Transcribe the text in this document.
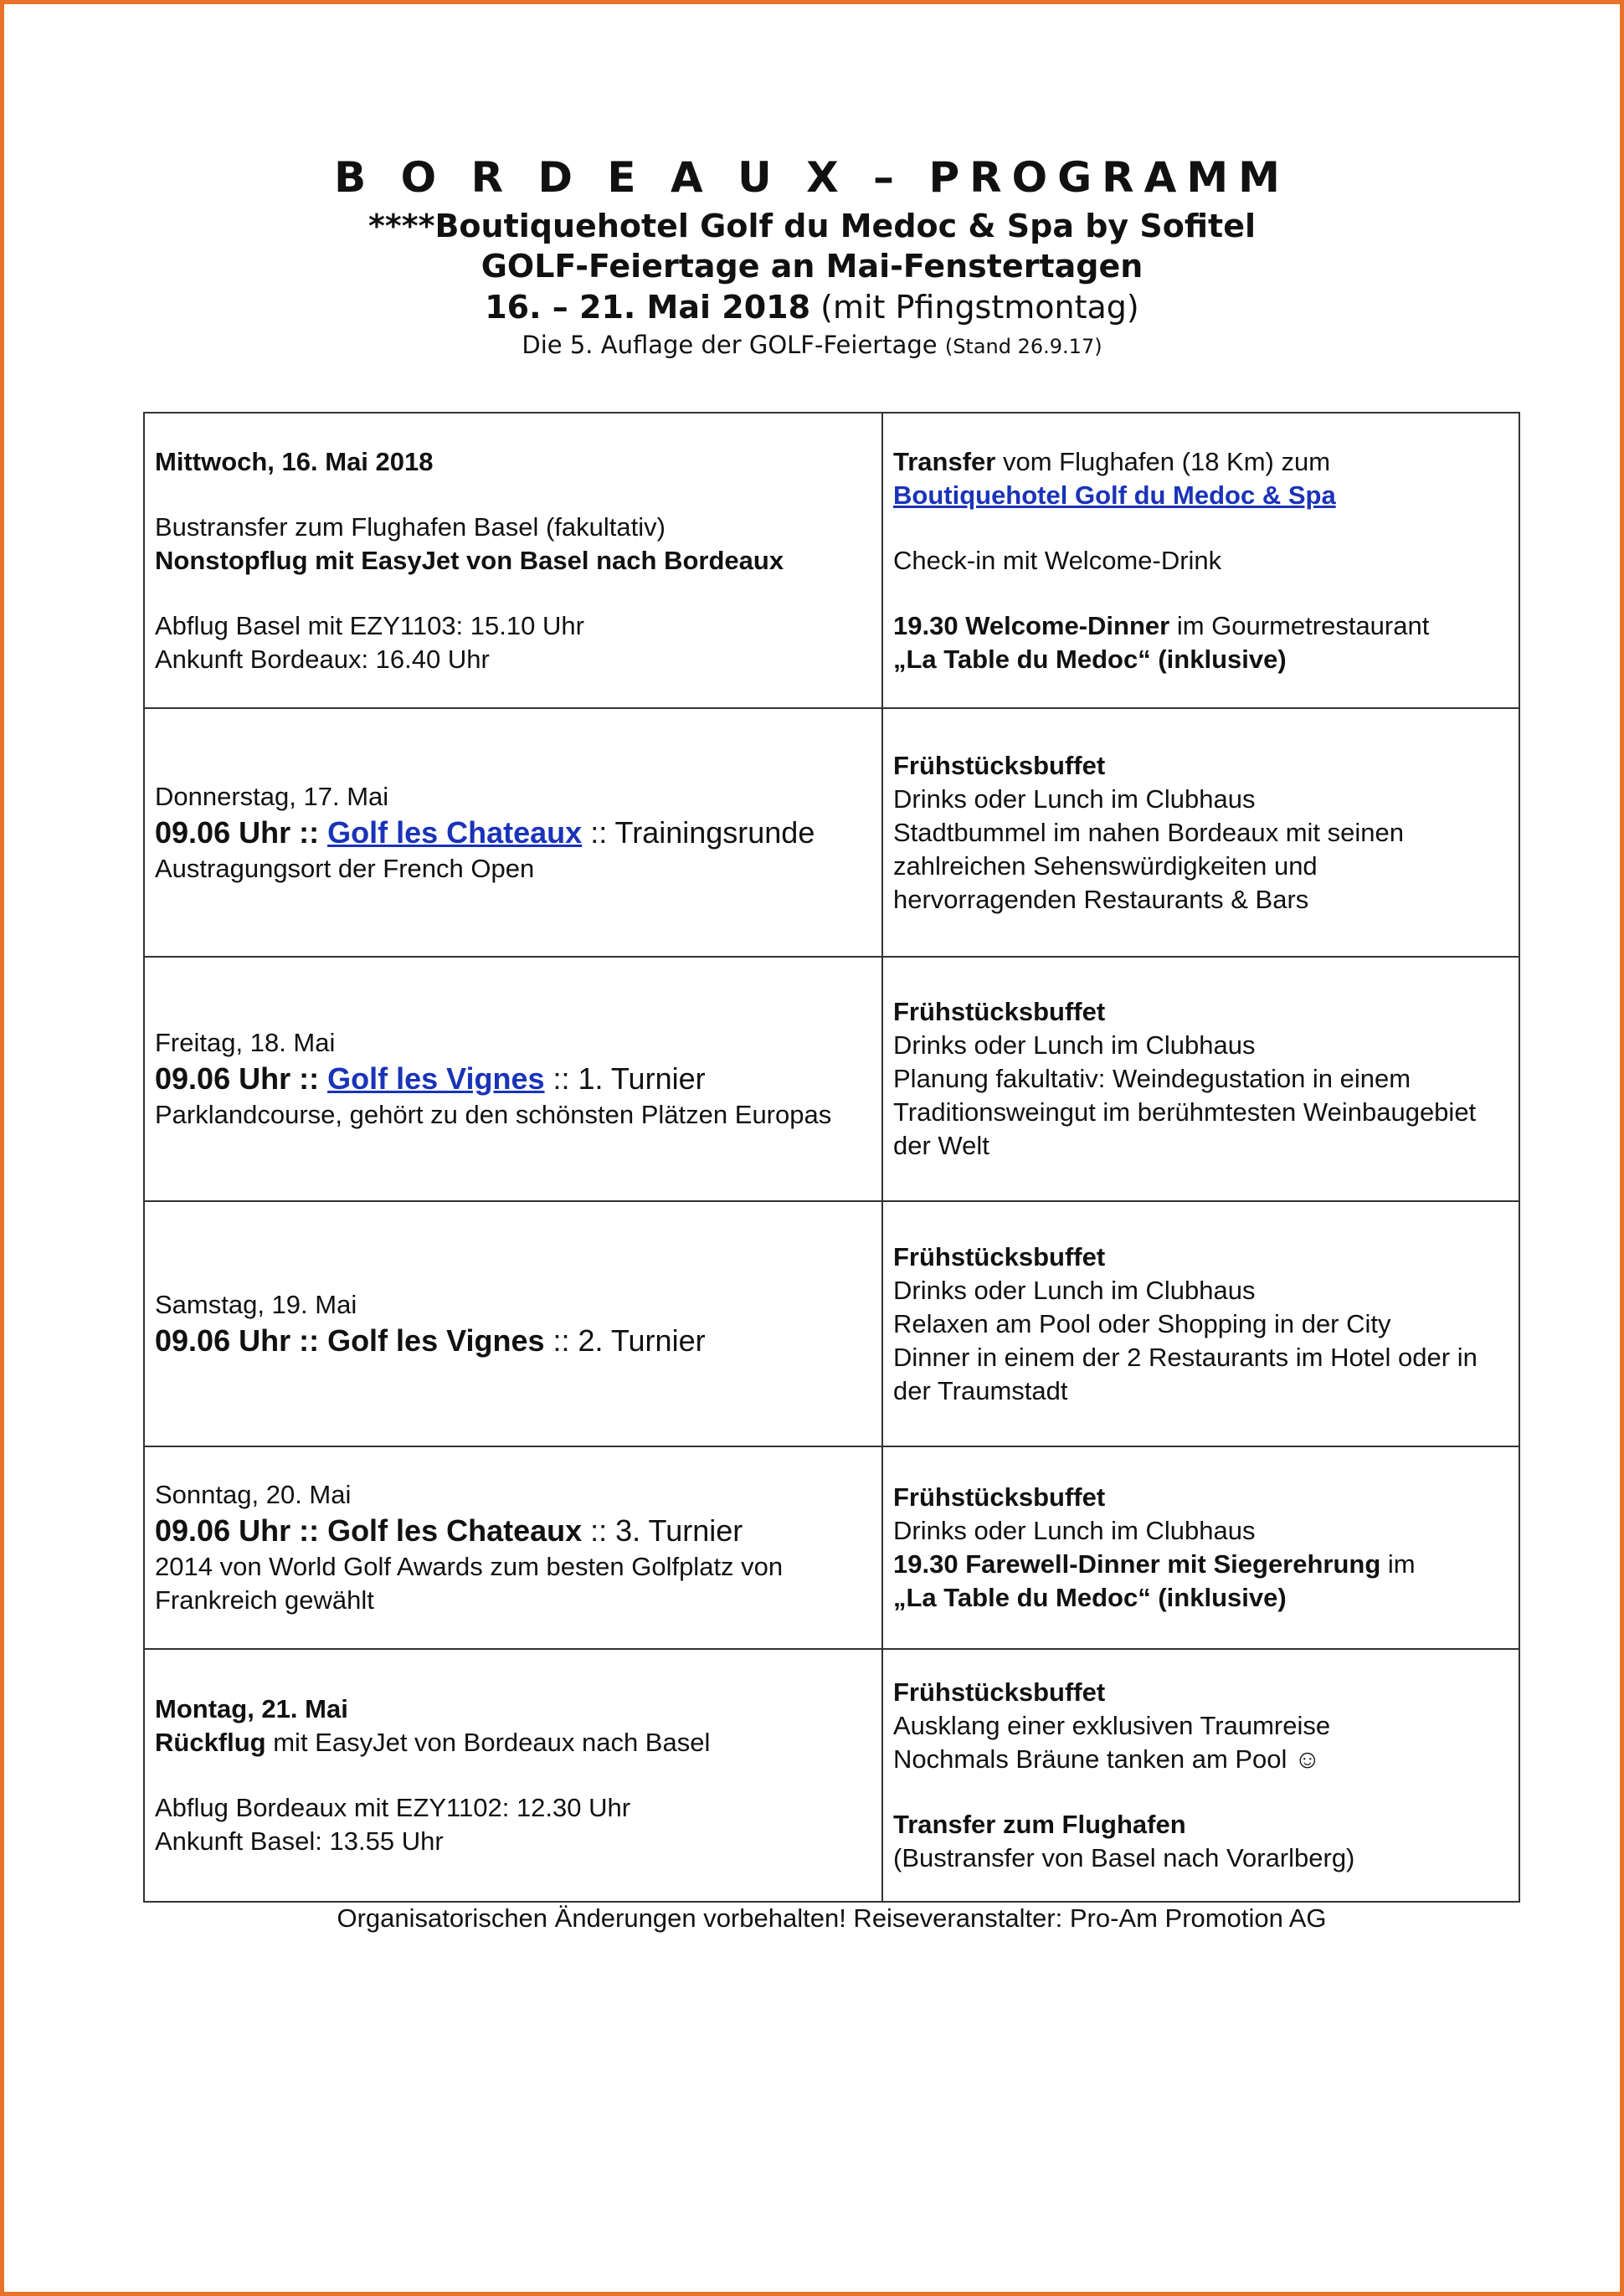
B O R D E A U X – PROGRAMM
****Boutiquehotel Golf du Medoc & Spa by Sofitel
GOLF-Feiertage an Mai-Fenstertagen
16. – 21. Mai 2018 (mit Pfingstmontag)
Die 5. Auflage der GOLF-Feiertage (Stand 26.9.17)
Mittwoch, 16. Mai 2018
Bustransfer zum Flughafen Basel (fakultativ)
Nonstopflug mit EasyJet von Basel nach Bordeaux
Abflug Basel mit EZY1103: 15.10 Uhr
Ankunft Bordeaux: 16.40 Uhr	Transfer vom Flughafen (18 Km) zum
Boutiquehotel Golf du Medoc & Spa
Check-in mit Welcome-Drink
19.30 Welcome-Dinner im Gourmetrestaurant
„La Table du Medoc“ (inklusive)

Donnerstag, 17. Mai
09.06 Uhr :: Golf les Chateaux :: Trainingsrunde
Austragungsort der French Open	Frühstücksbuffet
Drinks oder Lunch im Clubhaus
Stadtbummel im nahen Bordeaux mit seinen
zahlreichen Sehenswürdigkeiten und
hervorragenden Restaurants & Bars

Freitag, 18. Mai
09.06 Uhr :: Golf les Vignes :: 1. Turnier
Parklandcourse, gehört zu den schönsten Plätzen Europas	Frühstücksbuffet
Drinks oder Lunch im Clubhaus
Planung fakultativ: Weindegustation in einem
Traditionsweingut im berühmtesten Weinbaugebiet
der Welt

Samstag, 19. Mai
09.06 Uhr :: Golf les Vignes :: 2. Turnier	Frühstücksbuffet
Drinks oder Lunch im Clubhaus
Relaxen am Pool oder Shopping in der City
Dinner in einem der 2 Restaurants im Hotel oder in
der Traumstadt

Sonntag, 20. Mai
09.06 Uhr :: Golf les Chateaux :: 3. Turnier
2014 von World Golf Awards zum besten Golfplatz von
Frankreich gewählt	Frühstücksbuffet
Drinks oder Lunch im Clubhaus
19.30 Farewell-Dinner mit Siegerehrung im
„La Table du Medoc“ (inklusive)

Montag, 21. Mai
Rückflug mit EasyJet von Bordeaux nach Basel
Abflug Bordeaux mit EZY1102: 12.30 Uhr
Ankunft Basel: 13.55 Uhr	Frühstücksbuffet
Ausklang einer exklusiven Traumreise
Nochmals Bräune tanken am Pool ☺
Transfer zum Flughafen
(Bustransfer von Basel nach Vorarlberg)
Organisatorischen Änderungen vorbehalten! Reiseveranstalter: Pro-Am Promotion AG
